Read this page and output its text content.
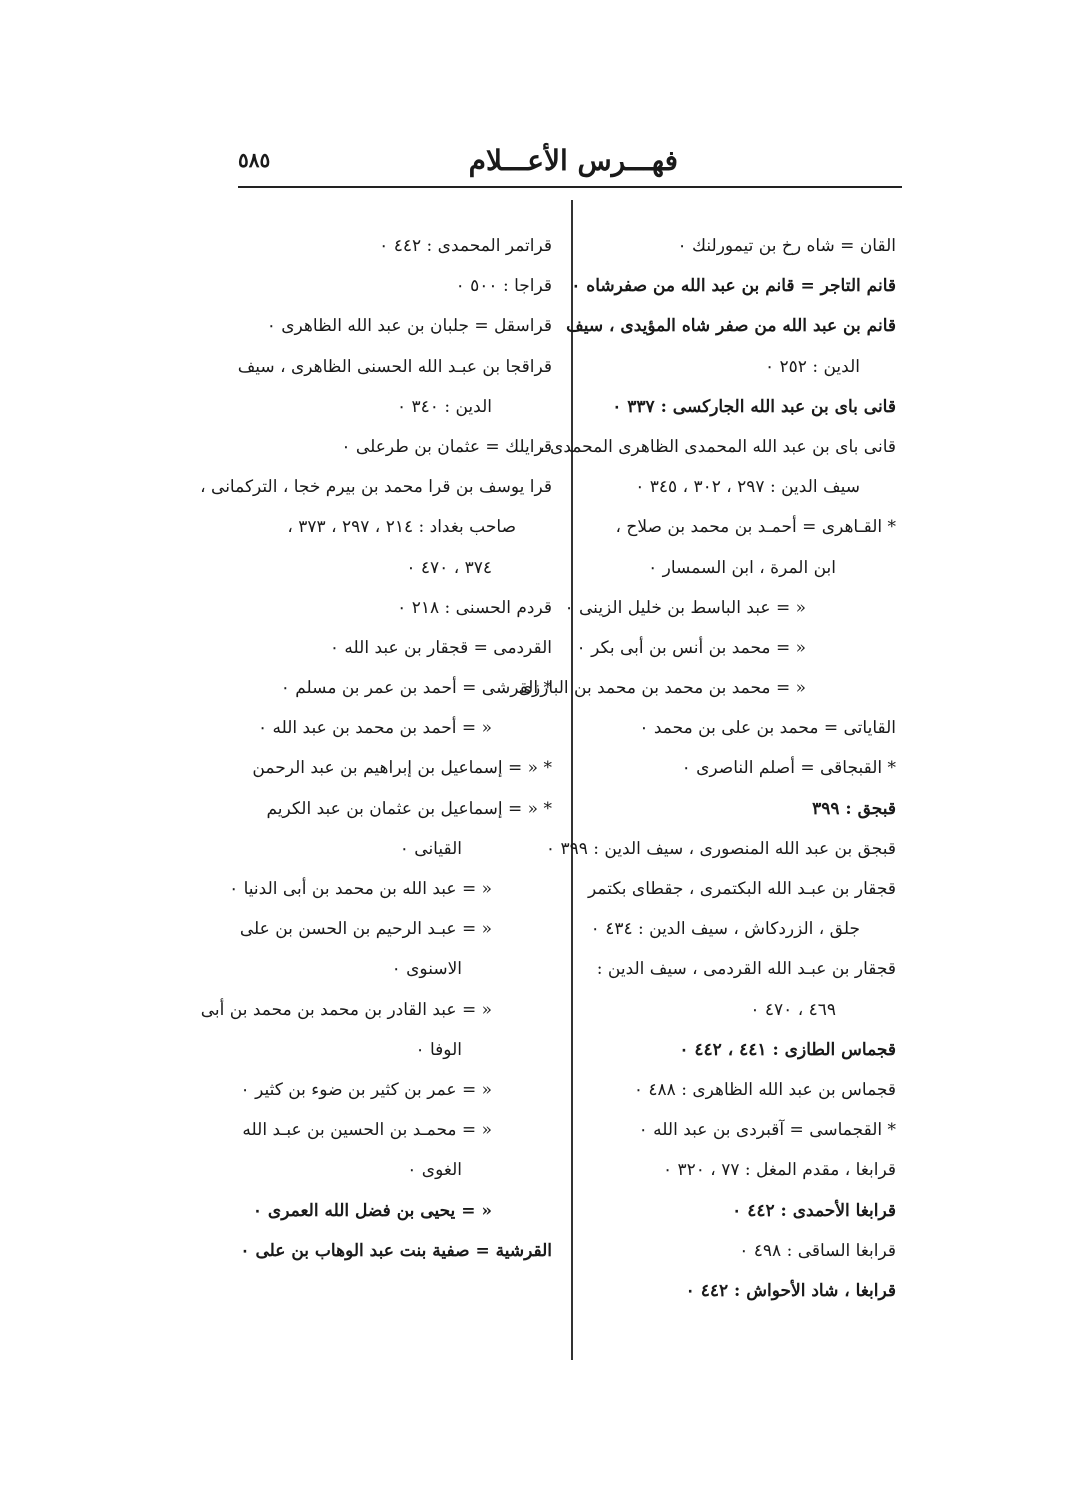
٥٨٥	فهـــرس الأعـــلام
القان = شاه رخ بن تيمورلنك ٠
قانم التاجر = قانم بن عبد الله من صفرشاه ٠
قانم بن عبد الله من صفر شاه المؤيدى ، سيف
الدين : ٢٥٢ ٠
قانى باى بن عبد الله الجاركسى : ٣٣٧ ٠
قانى باى بن عبد الله المحمدى الظاهرى المحمدى ،
سيف الدين : ٢٩٧ ، ٣٠٢ ، ٣٤٥ ٠
* القـاهرى = أحمـد بن محمد بن صلاح ،
ابن المرة ، ابن السمسار ٠
« = عبد الباسط بن خليل الزينى ٠
« = محمد بن أنس بن أبى بكر ٠
« = محمد بن محمد بن محمد بن البارزى
القاياتى = محمد بن على بن محمد ٠
* القبجاقى = أصلم الناصرى ٠
قبجق : ٣٩٩
قبجق بن عبد الله المنصورى ، سيف الدين : ٣٩٩ ٠
قجقار بن عبـد الله البكتمرى ، جقطاى بكتمر
جلق ، الزردكاش ، سيف الدين : ٤٣٤ ٠
قجقار بن عبـد الله القردمى ، سيف الدين :
٤٦٩ ، ٤٧٠ ٠
قجماس الطازى : ٤٤١ ، ٤٤٢ ٠
قجماس بن عبد الله الظاهرى : ٤٨٨ ٠
* القجماسى = آقبردى بن عبد الله ٠
قرابغا ، مقدم المغل : ٧٧ ، ٣٢٠ ٠
قرابغا الأحمدى : ٤٤٢ ٠
قرابغا الساقى : ٤٩٨ ٠
قرابغا ، شاد الأحواش : ٤٤٢ ٠
قراتمر المحمدى : ٤٤٢ ٠
قراجا : ٥٠٠ ٠
قراسقل = جلبان بن عبد الله الظاهرى ٠
قراقجا بن عبـد الله الحسنى الظاهرى ، سيف
الدين : ٣٤٠ ٠
قرايلك = عثمان بن طرعلى ٠
قرا يوسف بن قرا محمد بن بيرم خجا ، التركمانى ،
صاحب بغداد : ٢١٤ ، ٢٩٧ ، ٣٧٣ ،
٣٧٤ ، ٤٧٠ ٠
قردم الحسنى : ٢١٨ ٠
القردمى = قجقار بن عبد الله ٠
* القرشى = أحمد بن عمر بن مسلم ٠
« = أحمد بن محمد بن عبد الله ٠
* « = إسماعيل بن إبراهيم بن عبد الرحمن
* « = إسماعيل بن عثمان بن عبد الكريم
القيانى ٠
« = عبد الله بن محمد بن أبى الدنيا ٠
« = عبـد الرحيم بن الحسن بن على
الاسنوى ٠
« = عبد القادر بن محمد بن محمد بن أبى
الوفا ٠
« = عمر بن كثير بن ضوء بن كثير ٠
« = محمـد بن الحسين بن عبـد الله
الغوى ٠
« = يحيى بن فضل الله العمرى ٠
القرشية = صفية بنت عبد الوهاب بن على ٠
